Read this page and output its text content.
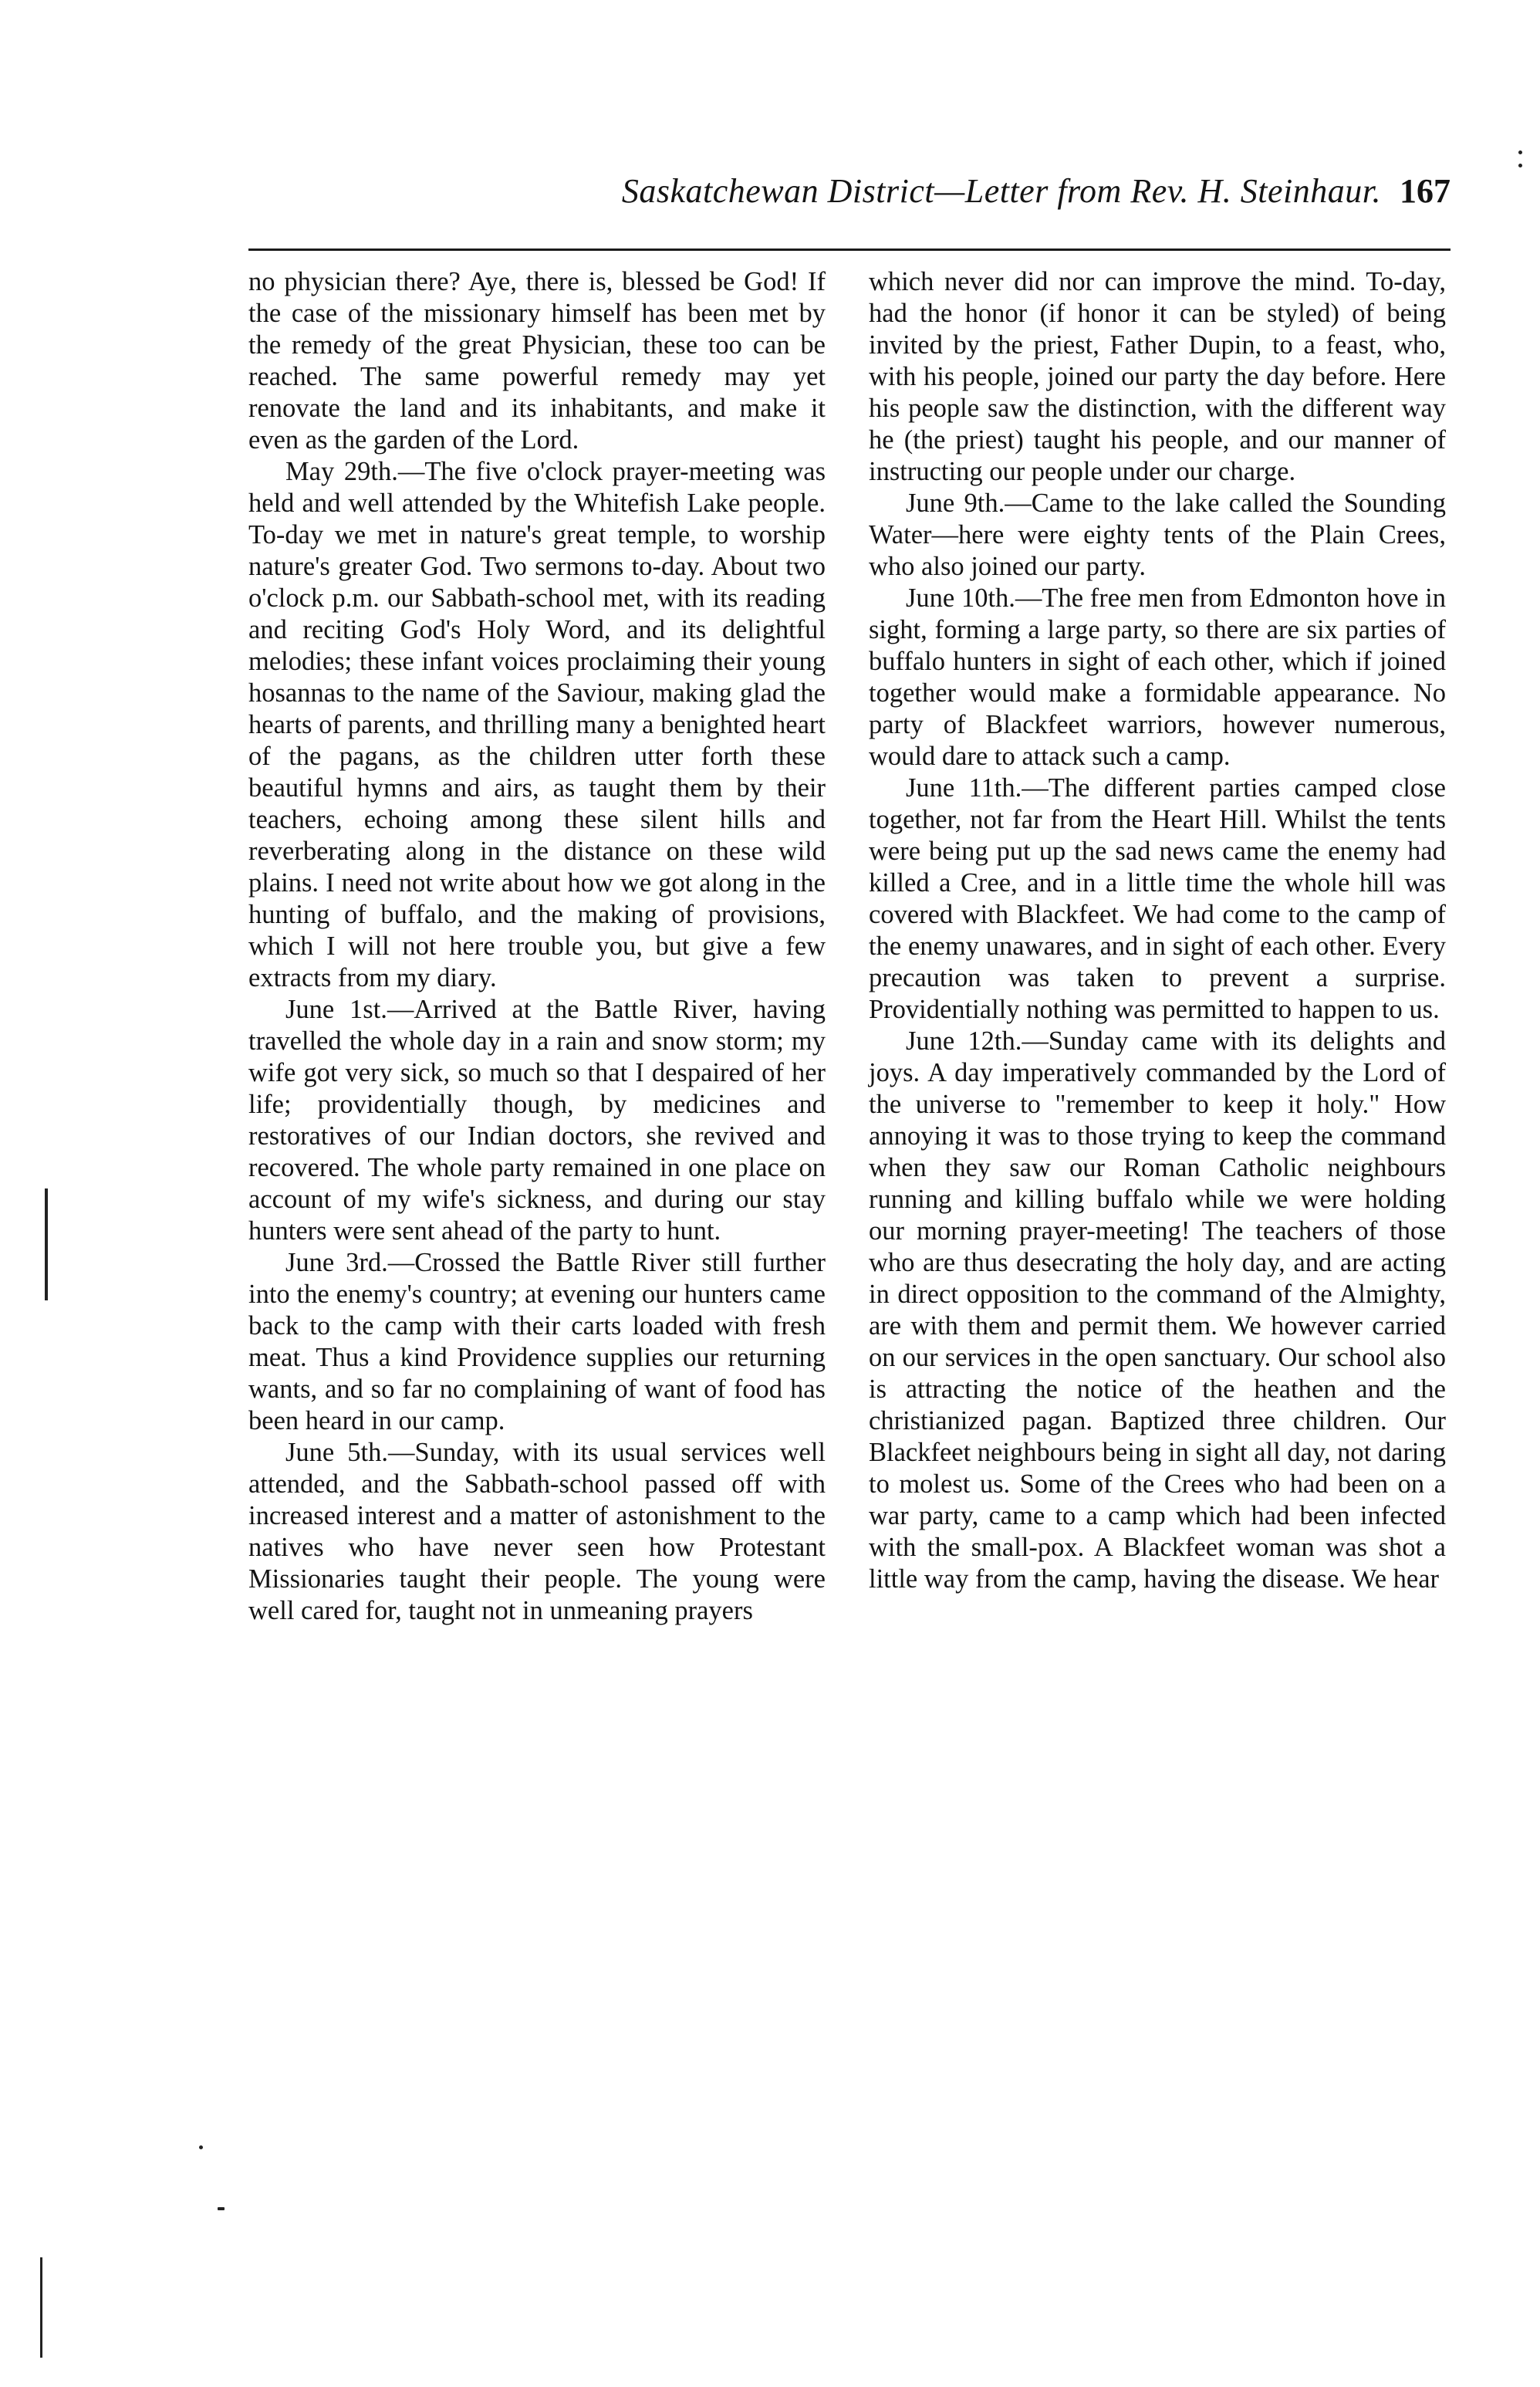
Saskatchewan District—Letter from Rev. H. Steinhaur. 167

no physician there? Aye, there is, blessed be God! If the case of the missionary himself has been met by the remedy of the great Physician, these too can be reached. The same powerful remedy may yet renovate the land and its inhabitants, and make it even as the garden of the Lord.

May 29th.—The five o'clock prayer-meeting was held and well attended by the Whitefish Lake people. To-day we met in nature's great temple, to worship nature's greater God. Two sermons to-day. About two o'clock p.m. our Sabbath-school met, with its reading and reciting God's Holy Word, and its delightful melodies; these infant voices proclaiming their young hosannas to the name of the Saviour, making glad the hearts of parents, and thrilling many a benighted heart of the pagans, as the children utter forth these beautiful hymns and airs, as taught them by their teachers, echoing among these silent hills and reverberating along in the distance on these wild plains. I need not write about how we got along in the hunting of buffalo, and the making of provisions, which I will not here trouble you, but give a few extracts from my diary.

June 1st.—Arrived at the Battle River, having travelled the whole day in a rain and snow storm; my wife got very sick, so much so that I despaired of her life; providentially though, by medicines and restoratives of our Indian doctors, she revived and recovered. The whole party remained in one place on account of my wife's sickness, and during our stay hunters were sent ahead of the party to hunt.

June 3rd.—Crossed the Battle River still further into the enemy's country; at evening our hunters came back to the camp with their carts loaded with fresh meat. Thus a kind Providence supplies our returning wants, and so far no complaining of want of food has been heard in our camp.

June 5th.—Sunday, with its usual services well attended, and the Sabbath-school passed off with increased interest and a matter of astonishment to the natives who have never seen how Protestant Missionaries taught their people. The young were well cared for, taught not in unmeaning prayers

which never did nor can improve the mind. To-day, had the honor (if honor it can be styled) of being invited by the priest, Father Dupin, to a feast, who, with his people, joined our party the day before. Here his people saw the distinction, with the different way he (the priest) taught his people, and our manner of instructing our people under our charge.

June 9th.—Came to the lake called the Sounding Water—here were eighty tents of the Plain Crees, who also joined our party.

June 10th.—The free men from Edmonton hove in sight, forming a large party, so there are six parties of buffalo hunters in sight of each other, which if joined together would make a formidable appearance. No party of Blackfeet warriors, however numerous, would dare to attack such a camp.

June 11th.—The different parties camped close together, not far from the Heart Hill. Whilst the tents were being put up the sad news came the enemy had killed a Cree, and in a little time the whole hill was covered with Blackfeet. We had come to the camp of the enemy unawares, and in sight of each other. Every precaution was taken to prevent a surprise. Providentially nothing was permitted to happen to us.

June 12th.—Sunday came with its delights and joys. A day imperatively commanded by the Lord of the universe to "remember to keep it holy." How annoying it was to those trying to keep the command when they saw our Roman Catholic neighbours running and killing buffalo while we were holding our morning prayer-meeting! The teachers of those who are thus desecrating the holy day, and are acting in direct opposition to the command of the Almighty, are with them and permit them. We however carried on our services in the open sanctuary. Our school also is attracting the notice of the heathen and the christianized pagan. Baptized three children. Our Blackfeet neighbours being in sight all day, not daring to molest us. Some of the Crees who had been on a war party, came to a camp which had been infected with the small-pox. A Blackfeet woman was shot a little way from the camp, having the disease. We hear
